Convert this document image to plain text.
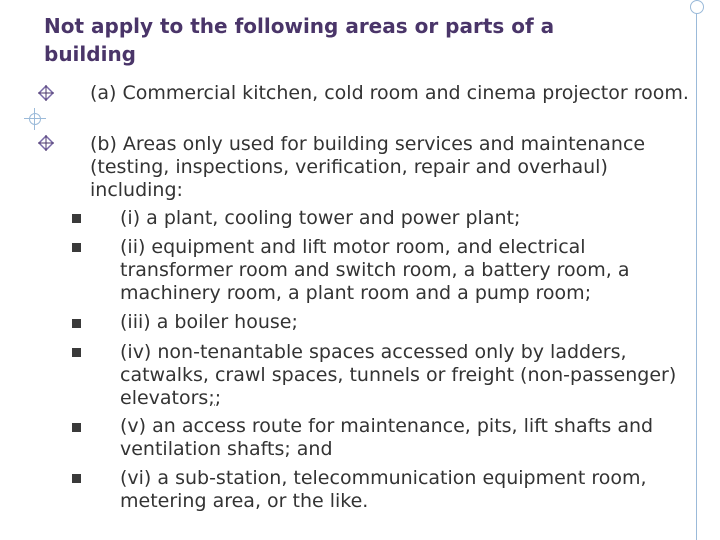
Not apply to the following areas or parts of a building
(a) Commercial kitchen, cold room and cinema projector room.
(b) Areas only used for building services and maintenance (testing, inspections, verification, repair and overhaul) including:
(i) a plant, cooling tower and power plant;
(ii) equipment and lift motor room, and electrical transformer room and switch room, a battery room, a machinery room, a plant room and a pump room;
(iii) a boiler house;
(iv) non-tenantable spaces accessed only by ladders, catwalks, crawl spaces, tunnels or freight (non-passenger) elevators;;
(v) an access route for maintenance, pits, lift shafts and ventilation shafts; and
(vi) a sub-station, telecommunication equipment room, metering area, or the like.
